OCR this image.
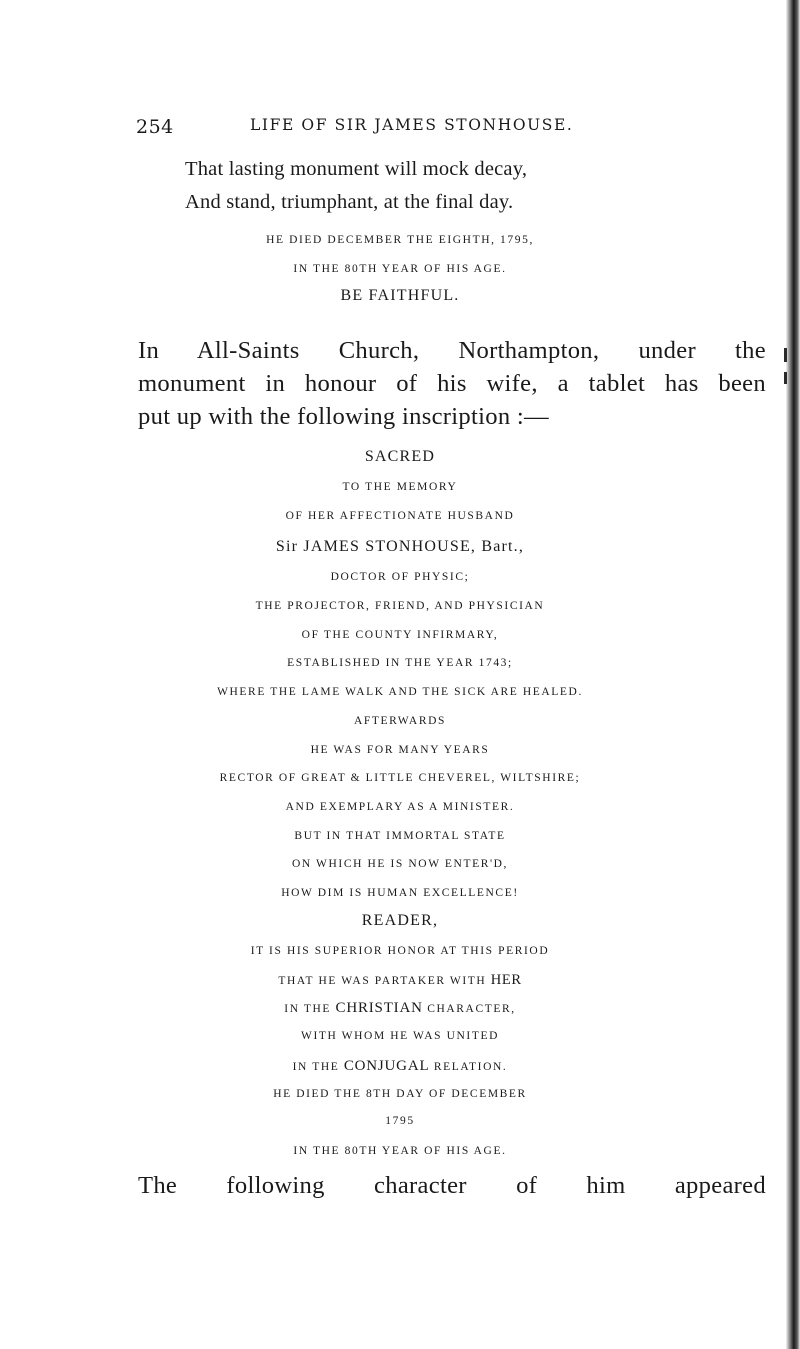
254	LIFE OF SIR JAMES STONHOUSE.
That lasting monument will mock decay,
And stand, triumphant, at the final day.
HE DIED DECEMBER THE EIGHTH, 1795,
IN THE 80TH YEAR OF HIS AGE.
BE FAITHFUL.
In All-Saints Church, Northampton, under the
monument in honour of his wife, a tablet has been
put up with the following inscription :—
SACRED
TO THE MEMORY
OF HER AFFECTIONATE HUSBAND
Sir JAMES STONHOUSE, Bart.,
DOCTOR OF PHYSIC;
THE PROJECTOR, FRIEND, AND PHYSICIAN
OF THE COUNTY INFIRMARY,
ESTABLISHED IN THE YEAR 1743;
WHERE THE LAME WALK AND THE SICK ARE HEALED.
AFTERWARDS
HE WAS FOR MANY YEARS
RECTOR OF GREAT & LITTLE CHEVEREL, WILTSHIRE;
AND EXEMPLARY AS A MINISTER.
BUT IN THAT IMMORTAL STATE
ON WHICH HE IS NOW ENTER'D,
HOW DIM IS HUMAN EXCELLENCE!
READER,
IT IS HIS SUPERIOR HONOR AT THIS PERIOD
THAT HE WAS PARTAKER WITH HER
IN THE CHRISTIAN CHARACTER,
WITH WHOM HE WAS UNITED
IN THE CONJUGAL RELATION.
HE DIED THE 8TH DAY OF DECEMBER
1795
IN THE 80TH YEAR OF HIS AGE.
The following character of him appeared
